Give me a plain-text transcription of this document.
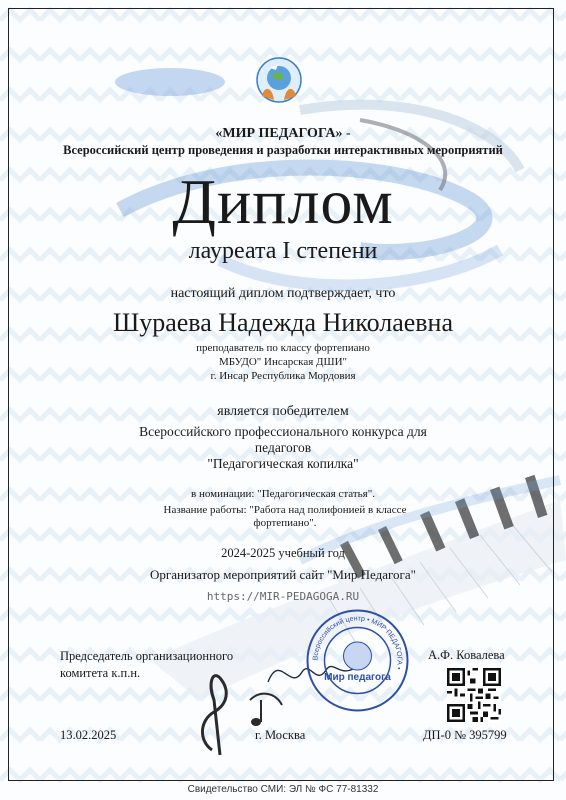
«МИР ПЕДАГОГА» -
Всероссийский центр проведения и разработки интерактивных мероприятий
Диплом
лауреата I степени
настоящий диплом подтверждает, что
Шураева Надежда Николаевна
преподаватель по классу фортепиано
МБУДО" Инсарская ДШИ"
г. Инсар Республика Мордовия
является победителем
Всероссийского профессионального конкурса для
педагогов
"Педагогическая копилка"
в номинации: "Педагогическая статья".
Название работы: "Работа над полифонией в классе
фортепиано".
2024-2025 учебный год
Организатор мероприятий сайт "Мир Педагога"
https://MIR-PEDAGOGA.RU
Председатель организационного
комитета к.п.н.
А.Ф. Ковалева
Всероссийский центр • МИР ПЕДАГОГА •
Мир педагога
13.02.2025	г. Москва	ДП-0 № 395799
Свидетельство СМИ: ЭЛ № ФС 77-81332
